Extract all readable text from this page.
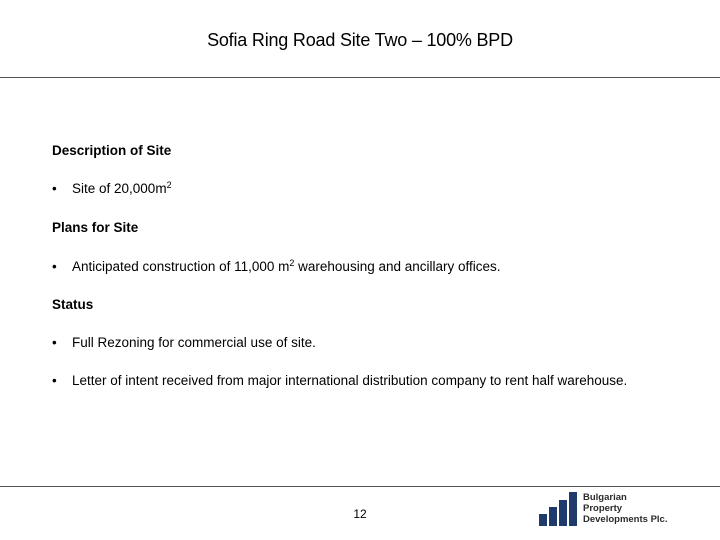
Sofia Ring Road Site Two – 100% BPD
Description of Site
• Site of $20,000m^2$
Plans for Site
• Anticipated construction of 11,000 $m^2$ warehousing and ancillary offices.
Status
• Full Rezoning for commercial use of site.
• Letter of intent received from major international distribution company to rent half warehouse.
12
Bulgarian
Property
Developments Plc.
